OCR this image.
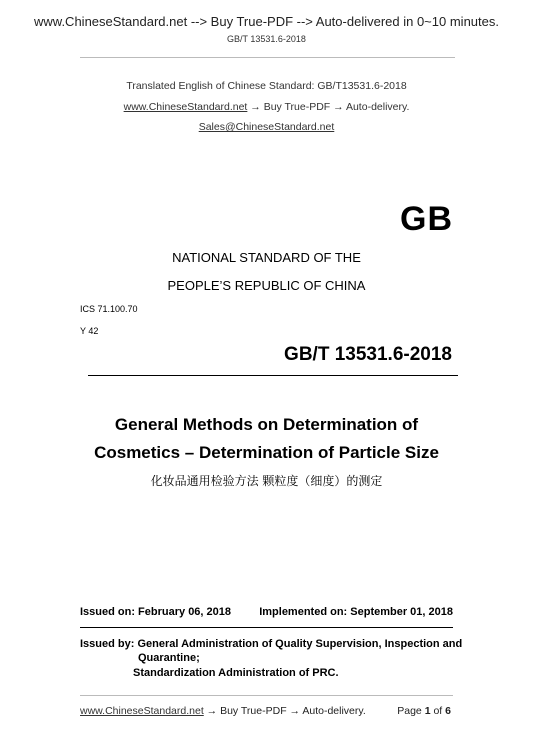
www.ChineseStandard.net --> Buy True-PDF --> Auto-delivered in 0~10 minutes.
GB/T 13531.6-2018
Translated English of Chinese Standard: GB/T13531.6-2018
www.ChineseStandard.net → Buy True-PDF → Auto-delivery.
Sales@ChineseStandard.net
GB
NATIONAL STANDARD OF THE
PEOPLE’S REPUBLIC OF CHINA
ICS 71.100.70
Y 42
GB/T 13531.6-2018
General Methods on Determination of
Cosmetics – Determination of Particle Size
化妆品通用检验方法 颗粒度（细度）的测定
Issued on: February 06, 2018	Implemented on: September 01, 2018
Issued by: General Administration of Quality Supervision, Inspection and
Quarantine;
Standardization Administration of PRC.
www.ChineseStandard.net → Buy True-PDF → Auto-delivery.	Page 1 of 6
